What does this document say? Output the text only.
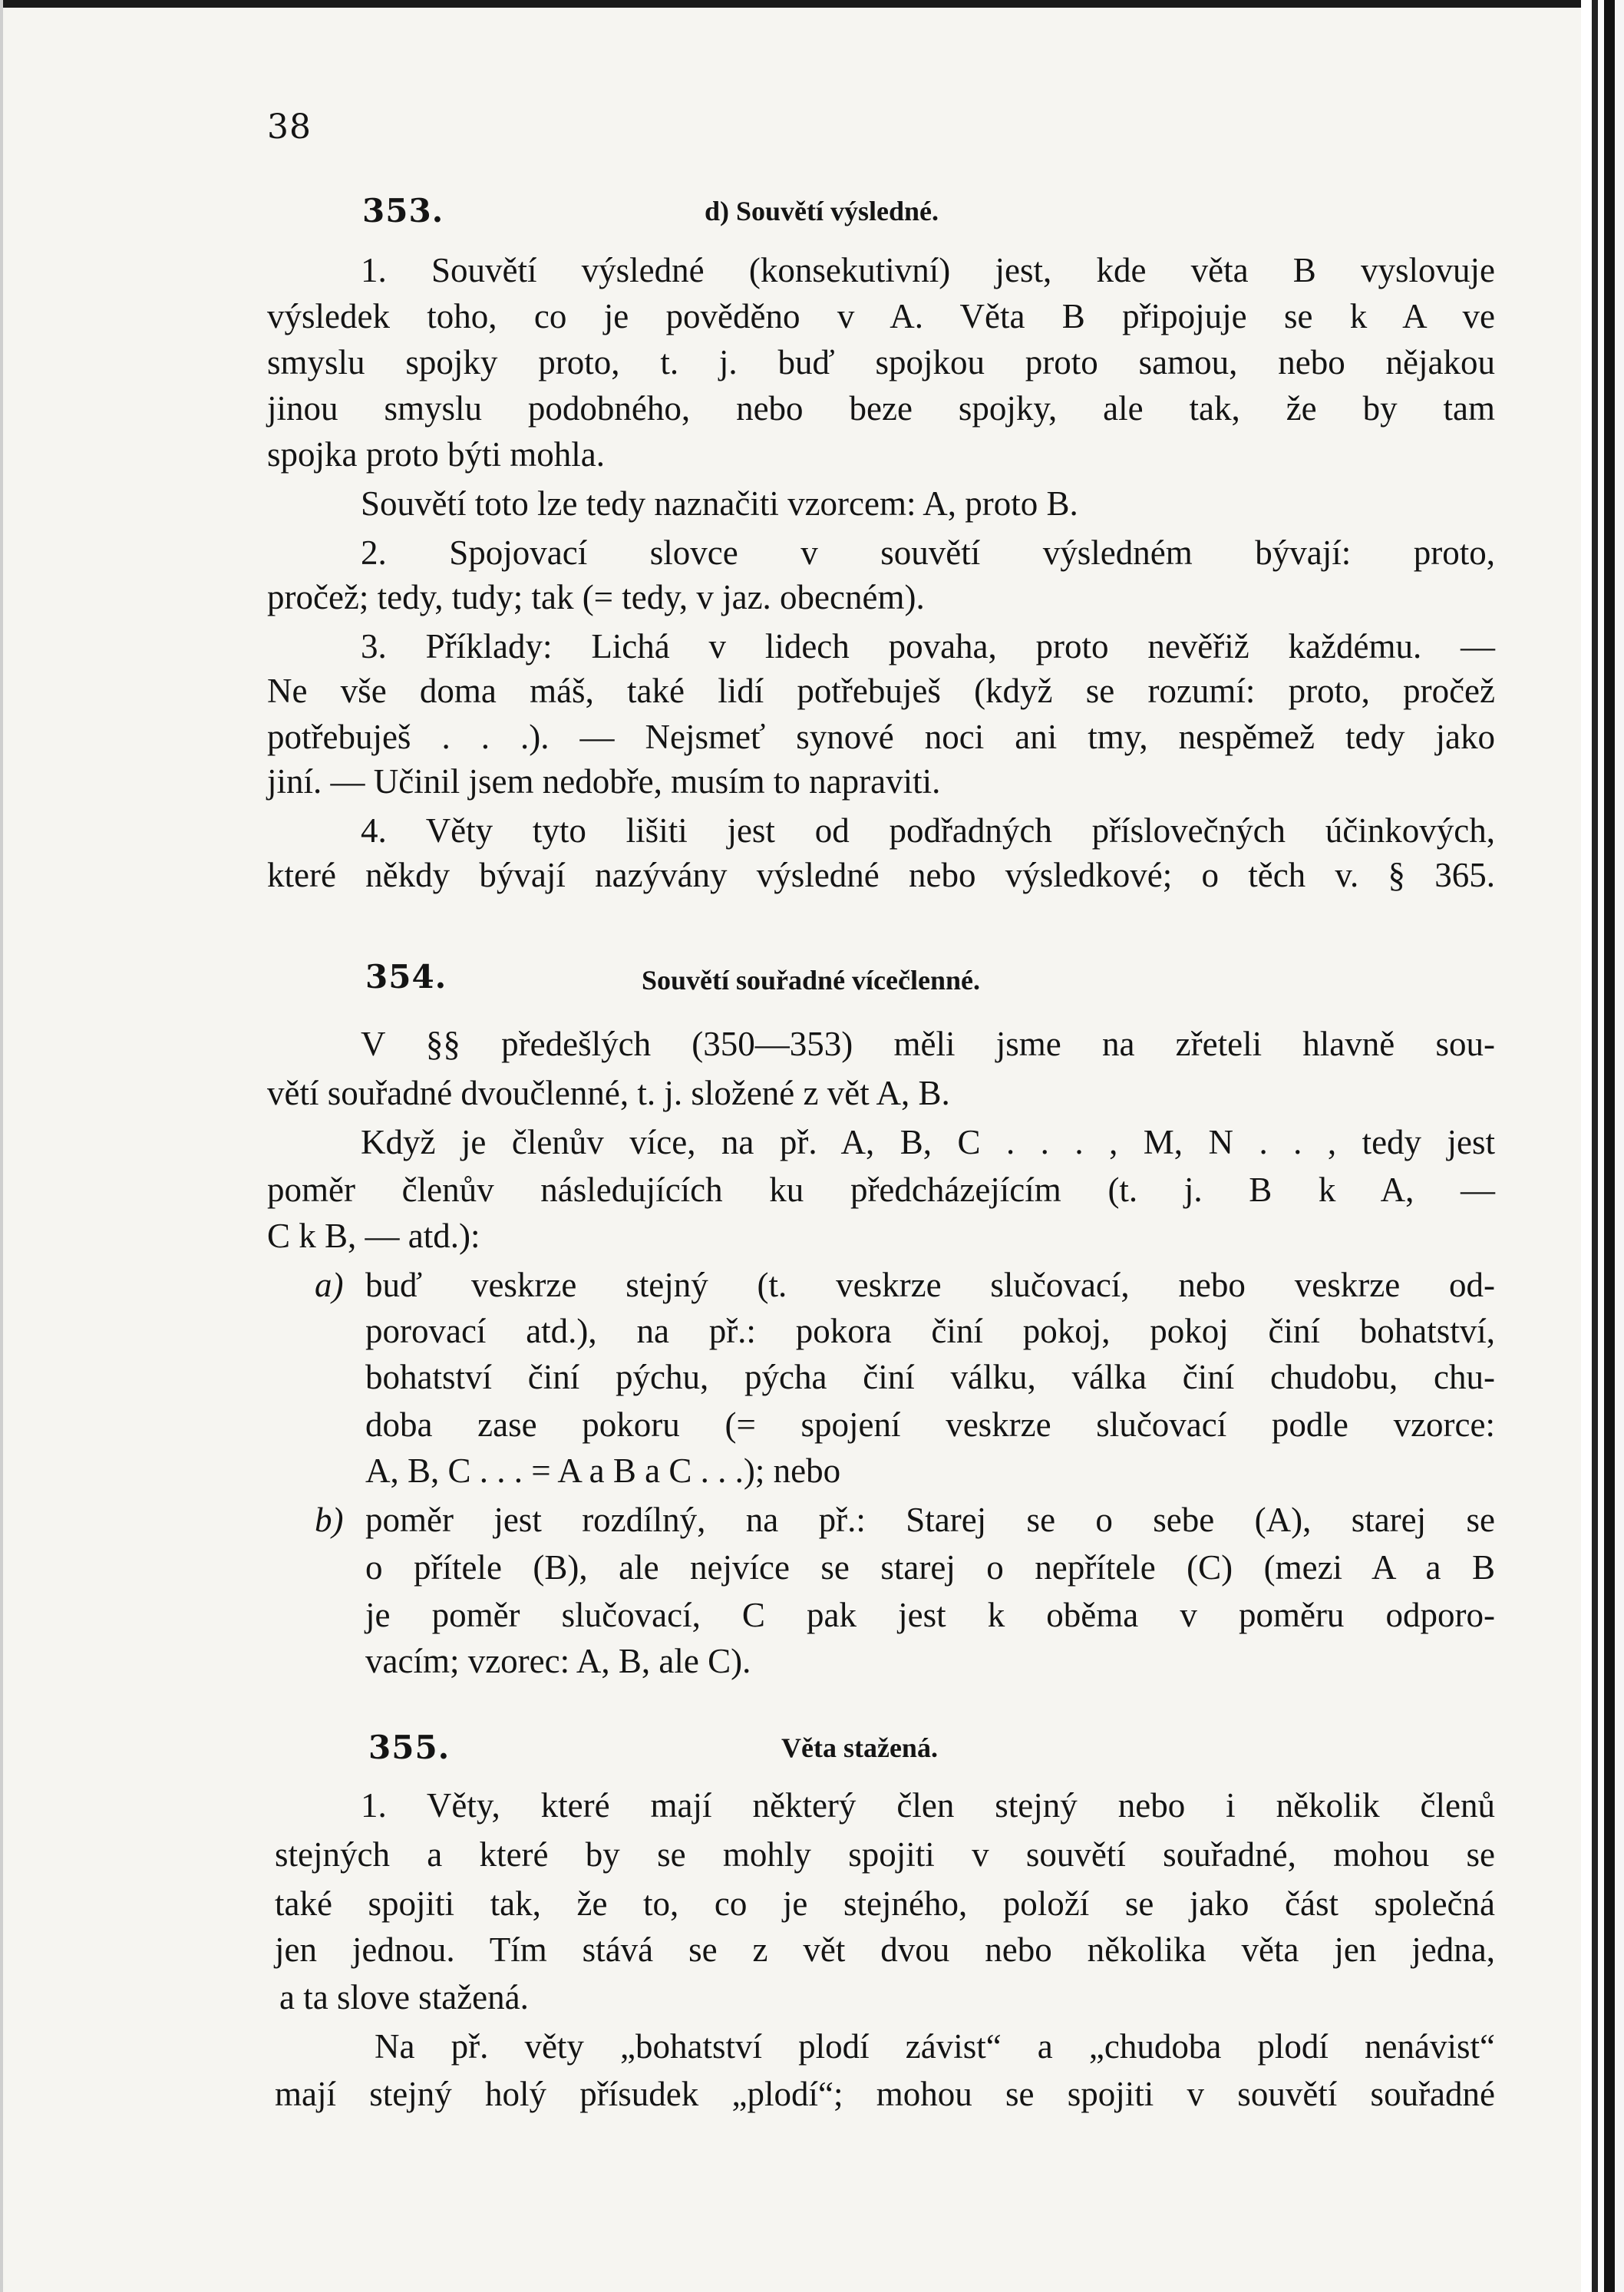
38
353.	d) Souvětí výsledné.
1. Souvětí výsledné (konsekutivní) jest, kde věta B vyslovuje
výsledek toho, co je pověděno v A. Věta B připojuje se k A ve
smyslu spojky proto, t. j. buď spojkou proto samou, nebo nějakou
jinou smyslu podobného, nebo beze spojky, ale tak, že by tam
spojka proto býti mohla.
Souvětí toto lze tedy naznačiti vzorcem: A, proto B.
2. Spojovací slovce v souvětí výsledném bývají: proto,
pročež; tedy, tudy; tak (= tedy, v jaz. obecném).
3. Příklady: Lichá v lidech povaha, proto nevěřiž každému. —
Ne vše doma máš, také lidí potřebuješ (když se rozumí: proto, pročež
potřebuješ . . .). — Nejsmeť synové noci ani tmy, nespěmež tedy jako
jiní. — Učinil jsem nedobře, musím to napraviti.
4. Věty tyto lišiti jest od podřadných příslovečných účinkových,
které někdy bývají nazývány výsledné nebo výsledkové; o těch v. § 365.
354.	Souvětí souřadné vícečlenné.
V §§ předešlých (350—353) měli jsme na zřeteli hlavně sou-
větí souřadné dvoučlenné, t. j. složené z vět A, B.
Když je členův více, na př. A, B, C . . . , M, N . . , tedy jest
poměr členův následujících ku předcházejícím (t. j. B k A, —
C k B, — atd.):
a) buď veskrze stejný (t. veskrze slučovací, nebo veskrze od-
porovací atd.), na př.: pokora činí pokoj, pokoj činí bohatství,
bohatství činí pýchu, pýcha činí válku, válka činí chudobu, chu-
doba zase pokoru (= spojení veskrze slučovací podle vzorce:
A, B, C . . . = A a B a C . . .); nebo
b) poměr jest rozdílný, na př.: Starej se o sebe (A), starej se
o přítele (B), ale nejvíce se starej o nepřítele (C) (mezi A a B
je poměr slučovací, C pak jest k oběma v poměru odporo-
vacím; vzorec: A, B, ale C).
355.	Věta stažená.
1. Věty, které mají některý člen stejný nebo i několik členů
stejných a které by se mohly spojiti v souvětí souřadné, mohou se
také spojiti tak, že to, co je stejného, položí se jako část společná
jen jednou. Tím stává se z vět dvou nebo několika věta jen jedna,
a ta slove stažená.
Na př. věty „bohatství plodí závist“ a „chudoba plodí nenávist“
mají stejný holý přísudek „plodí“; mohou se spojiti v souvětí souřadné
